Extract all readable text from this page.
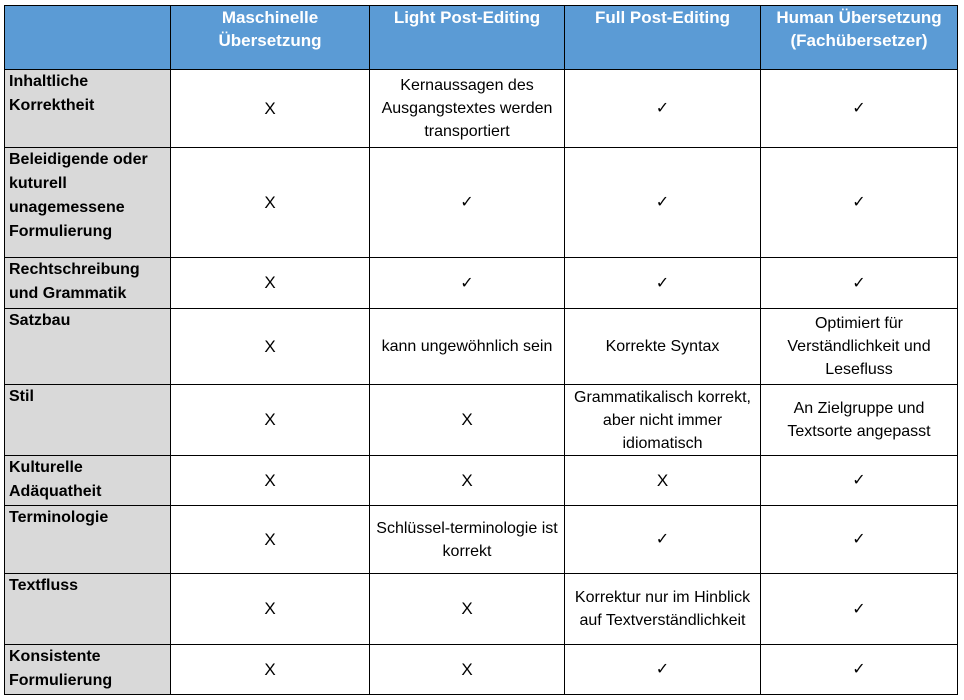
	Maschinelle Übersetzung	Light Post-Editing	Full Post-Editing	Human Übersetzung (Fachübersetzer)
Inhaltliche Korrektheit	X	Kernaussagen des Ausgangstextes werden transportiert	✓	✓
Beleidigende oder kuturell unagemessene Formulierung	X	✓	✓	✓
Rechtschreibung und Grammatik	X	✓	✓	✓
Satzbau	X	kann ungewöhnlich sein	Korrekte Syntax	Optimiert für Verständlichkeit und Lesefluss
Stil	X	X	Grammatikalisch korrekt, aber nicht immer idiomatisch	An Zielgruppe und Textsorte angepasst
Kulturelle Adäquatheit	X	X	X	✓
Terminologie	X	Schlüssel-terminologie ist korrekt	✓	✓
Textfluss	X	X	Korrektur nur im Hinblick auf Textverständlichkeit	✓
Konsistente Formulierung	X	X	✓	✓
